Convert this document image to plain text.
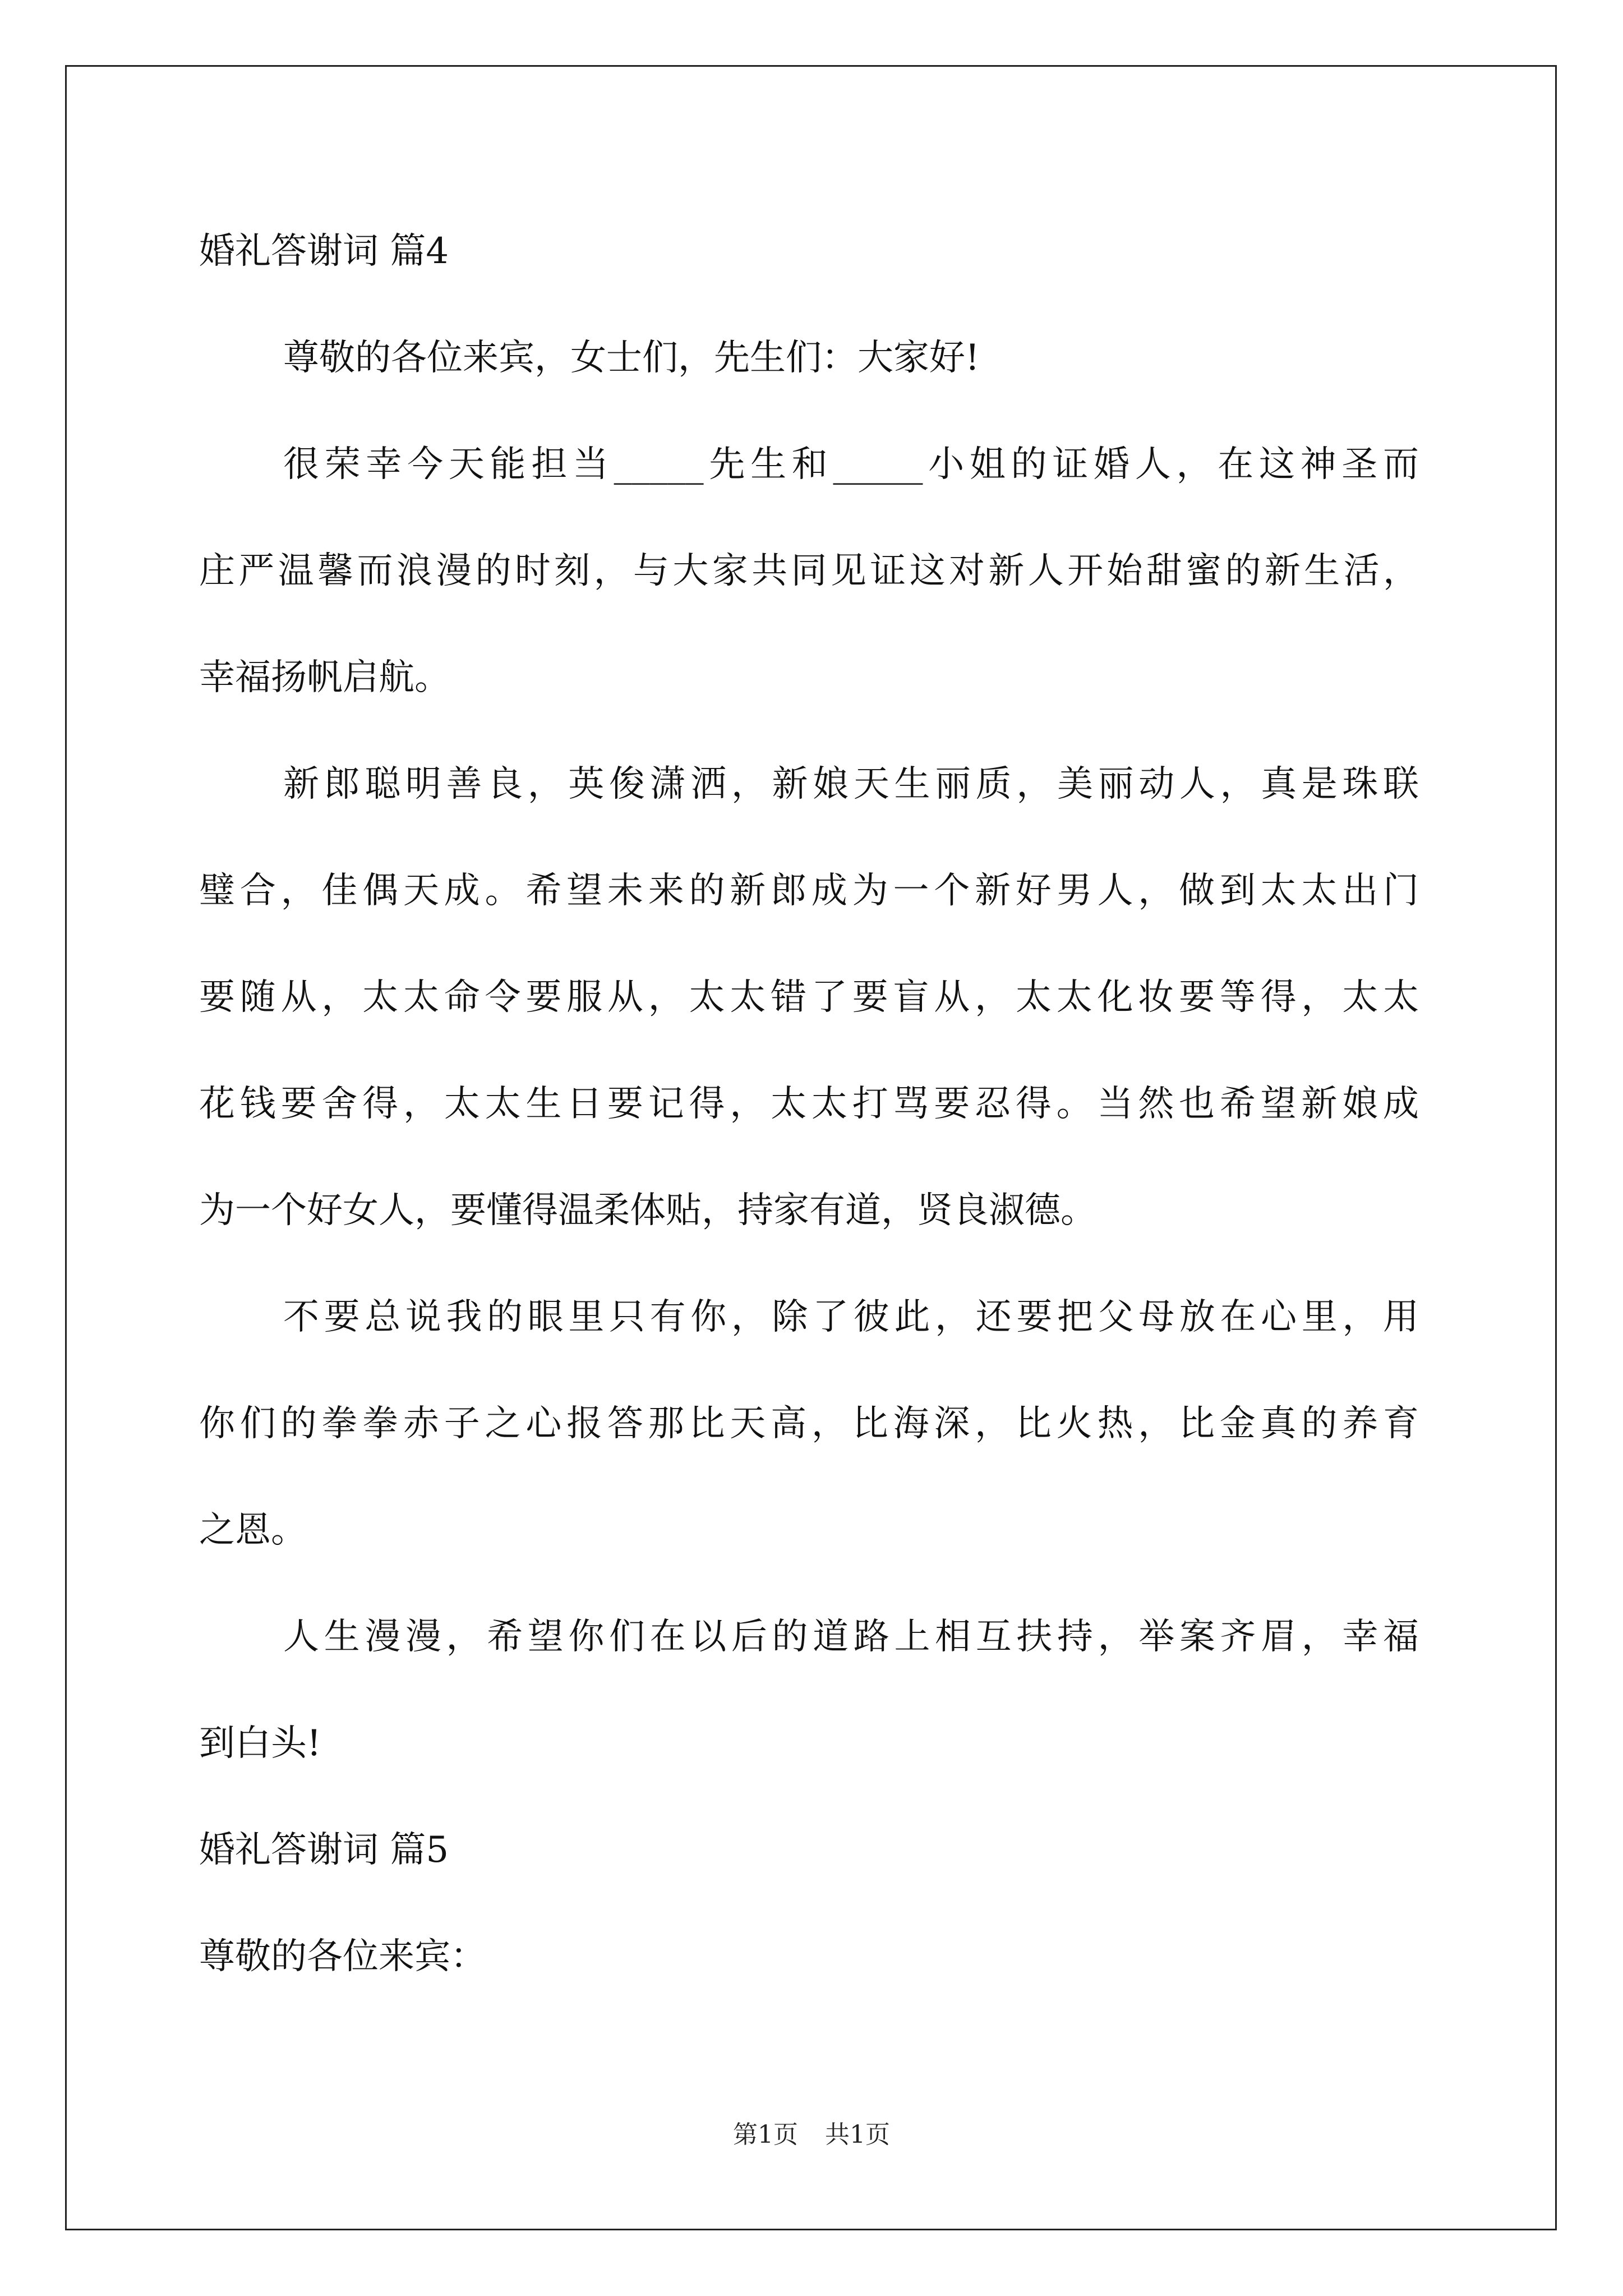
婚礼答谢词 篇4
尊敬的各位来宾，女士们，先生们：大家好!
很荣幸今天能担当_____先生和_____小姐的证婚人，在这神圣而
庄严温馨而浪漫的时刻，与大家共同见证这对新人开始甜蜜的新生活，
幸福扬帆启航。
新郎聪明善良，英俊潇洒，新娘天生丽质，美丽动人，真是珠联
璧合，佳偶天成。希望未来的新郎成为一个新好男人，做到太太出门
要随从，太太命令要服从，太太错了要盲从，太太化妆要等得，太太
花钱要舍得，太太生日要记得，太太打骂要忍得。当然也希望新娘成
为一个好女人，要懂得温柔体贴，持家有道，贤良淑德。
不要总说我的眼里只有你，除了彼此，还要把父母放在心里，用
你们的拳拳赤子之心报答那比天高，比海深，比火热，比金真的养育
之恩。
人生漫漫，希望你们在以后的道路上相互扶持，举案齐眉，幸福
到白头!
婚礼答谢词 篇5
尊敬的各位来宾：
第1页 共1页
